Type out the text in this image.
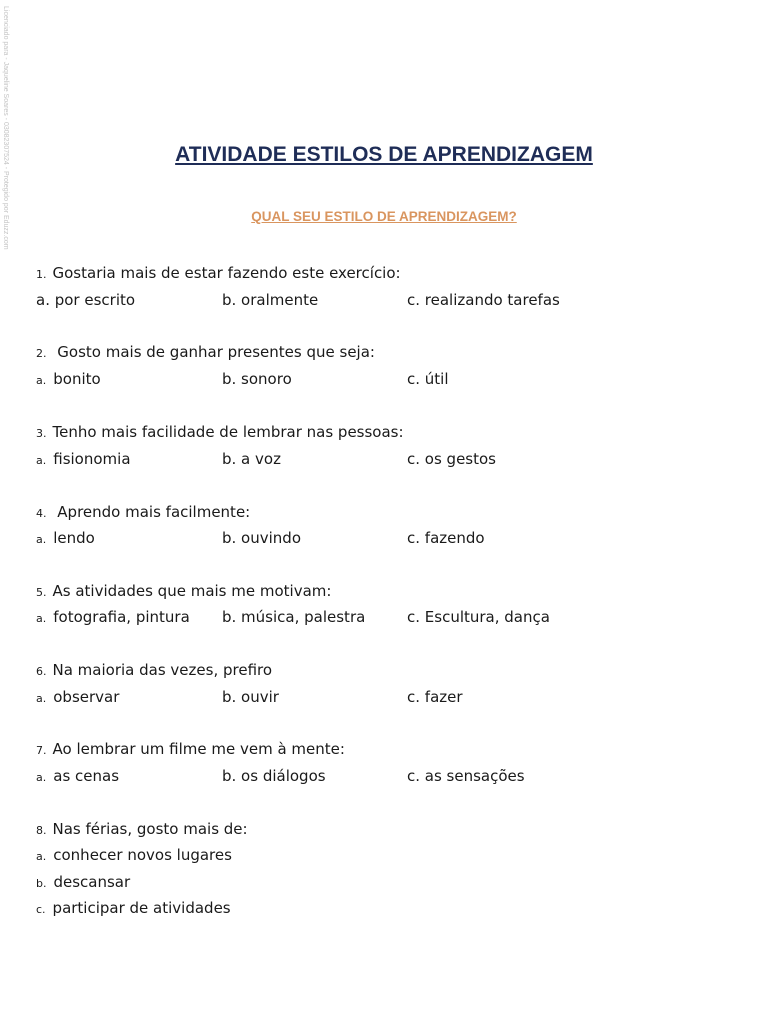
Licenciado para - Jaqueline Soares - 03082307524 - Protegido por Eduzz.com	ATIVIDADE ESTILOS DE APRENDIZAGEM
QUAL SEU ESTILO DE APRENDIZAGEM?
1. Gostaria mais de estar fazendo este exercício:
a. por escrito	b. oralmente	c. realizando tarefas
2. Gosto mais de ganhar presentes que seja:
a. bonito	b. sonoro	c. útil
3. Tenho mais facilidade de lembrar nas pessoas:
a. fisionomia	b. a voz	c. os gestos
4. Aprendo mais facilmente:
a. lendo	b. ouvindo	c. fazendo
5. As atividades que mais me motivam:
a. fotografia, pintura b. música, palestra	c. Escultura, dança
6. Na maioria das vezes, prefiro
a. observar	b. ouvir	c. fazer
7. Ao lembrar um filme me vem à mente:
a. as cenas	b. os diálogos	c. as sensações
8. Nas férias, gosto mais de:
a. conhecer novos lugares
b. descansar
c. participar de atividades
